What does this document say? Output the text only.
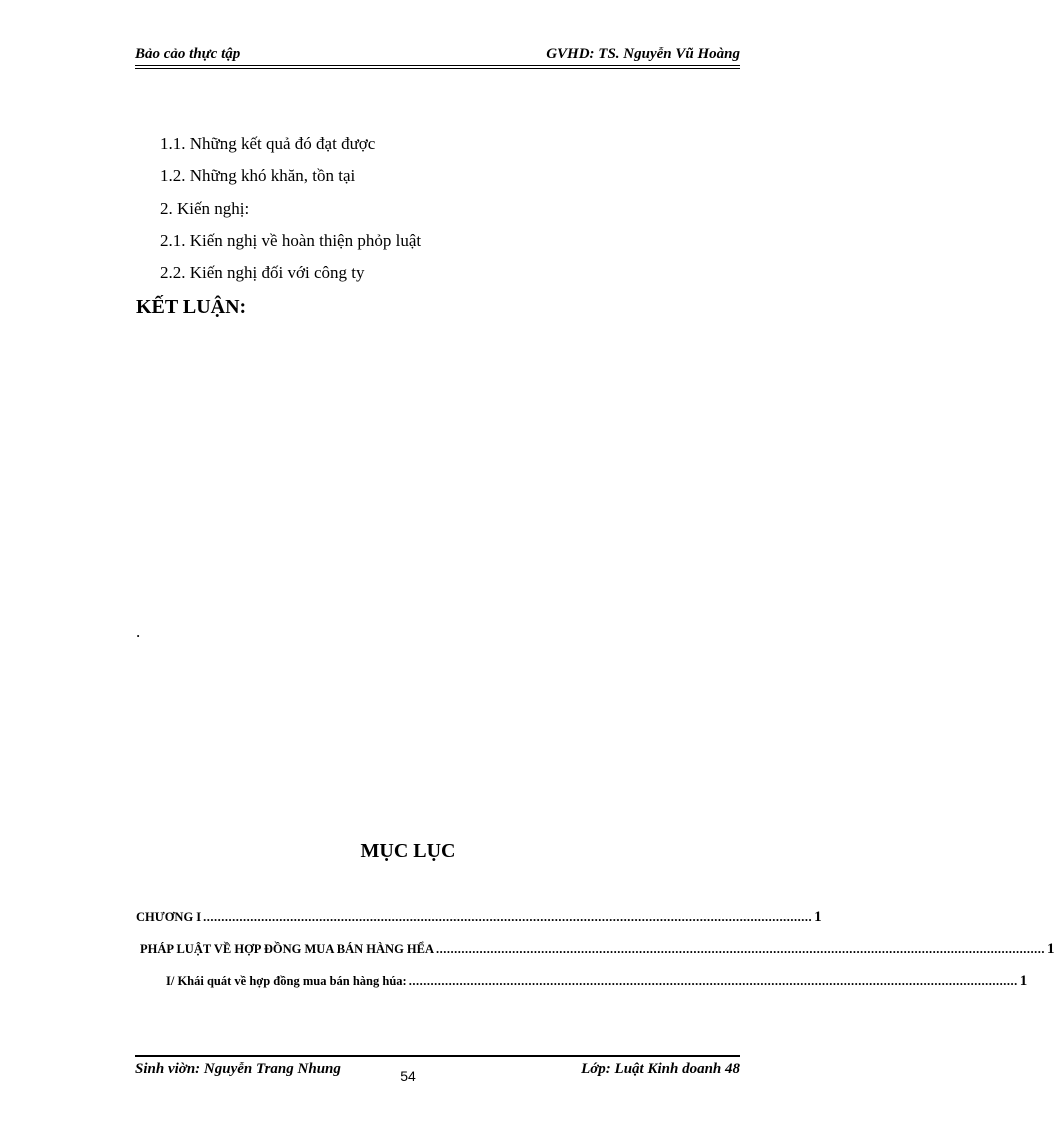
Bảo cảo thực tập	GVHD: TS. Nguyễn Vũ Hoàng
1.1. Những kết quả đó đạt được
1.2. Những khó khăn, tồn tại
2. Kiến nghị:
2.1. Kiến nghị về hoàn thiện phỏp luật
2.2. Kiến nghị đối với công ty
KẾT LUẬN:
.
MỤC LỤC
CHƯƠNG I ........................................................................................................................................................................ 1
PHÁP LUẬT VỀ HỢP ĐỒNG MUA BÁN HÀNG HỂA ........................................................................................................................................................................ 1
I/ Khái quát về hợp đồng mua bán hàng húa: ........................................................................................................................................................................ 1
Sinh viờn: Nguyễn Trang Nhung	Lớp: Luật Kinh doanh 48
54
